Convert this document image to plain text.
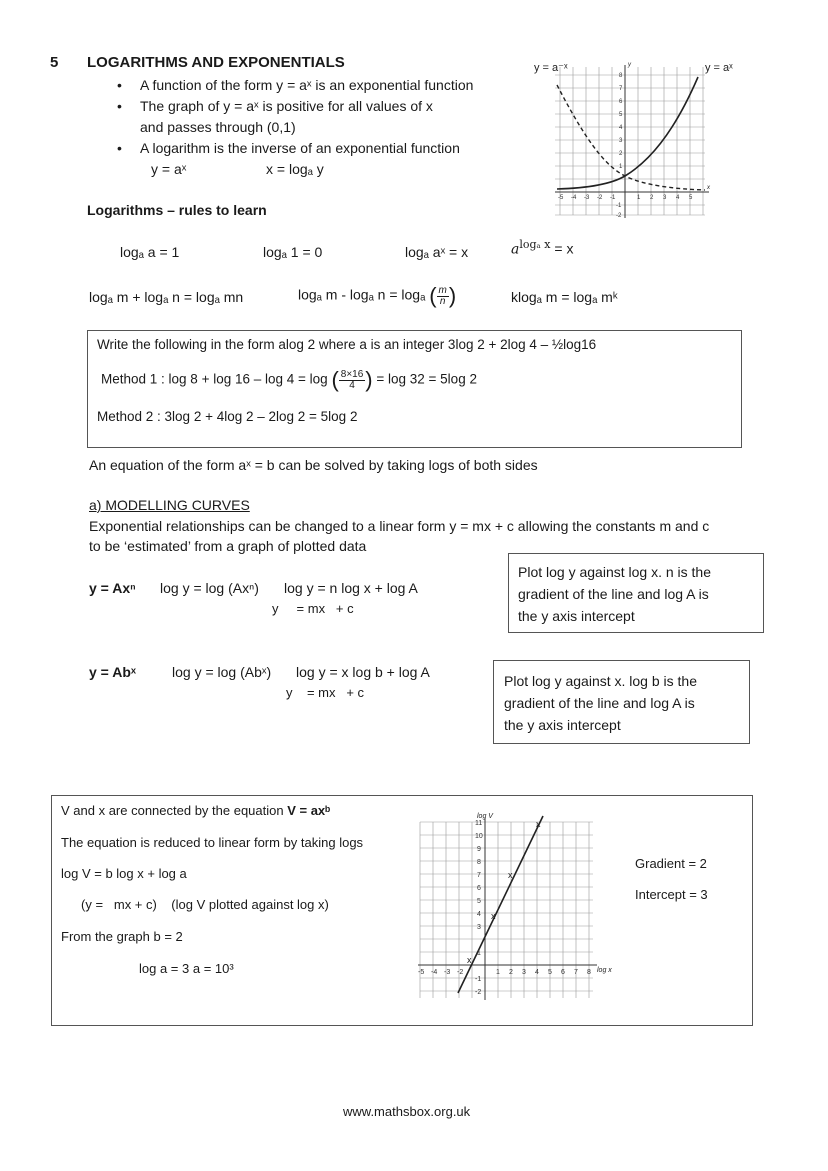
5 LOGARITHMS AND EXPONENTIALS
• A function of the form y = aˣ is an exponential function
• The graph of y = aˣ is positive for all values of x
and passes through (0,1)
• A logarithm is the inverse of an exponential function
y = aˣ	x = logₐ y
y = a⁻ˣ	y = aˣ
y
x
-5 -4 -3 -2 -1	1 2 3 4 5
8
7
6
5
4
3
2
1
-1
-2
Logarithms – rules to learn
logₐ a = 1	logₐ 1 = 0	logₐ aˣ = x	$a^{log_a x} = x$
logₐ m + logₐ n = logₐ mn	logₐ m - logₐ n = logₐ ( $\frac{m}{n}$ )	klogₐ m = logₐ mᵏ
Write the following in the form alog 2 where a is an integer 3log 2 + 2log 4 – ½log16
Method 1 : log 8 + log 16 – log 4 = log ( $\frac{8\times 16}{4}$ ) = log 32 = 5log 2
Method 2 : 3log 2 + 4log 2 – 2log 2 = 5log 2
An equation of the form aˣ = b can be solved by taking logs of both sides
a) MODELLING CURVES
Exponential relationships can be changed to a linear form y = mx + c allowing the constants m and c
to be ‘estimated’ from a graph of plotted data
y = Axⁿ log y = log (Axⁿ) log y = n log x + log A
y     = mx   + c
Plot log y against log x. n is the
gradient of the line and log A is
the y axis intercept
y = Abˣ	log y = log (Abˣ) log y = x log b + log A
y    = mx   + c
Plot log y against x. log b is the
gradient of the line and log A is
the y axis intercept
V and x are connected by the equation V = axᵇ
The equation is reduced to linear form by taking logs
log V = b log x + log a
(y =   mx + c)    (log V plotted against log x)
From the graph b = 2
log a = 3 a = 10³
Gradient = 2
Intercept = 3
x
x
x
x
log V
log x
11
10
9
8
7
6
5
4
3
1
-1
-2
-5 -4 -3 -2	1 2 3 4 5 6 7 8
www.mathsbox.org.uk
